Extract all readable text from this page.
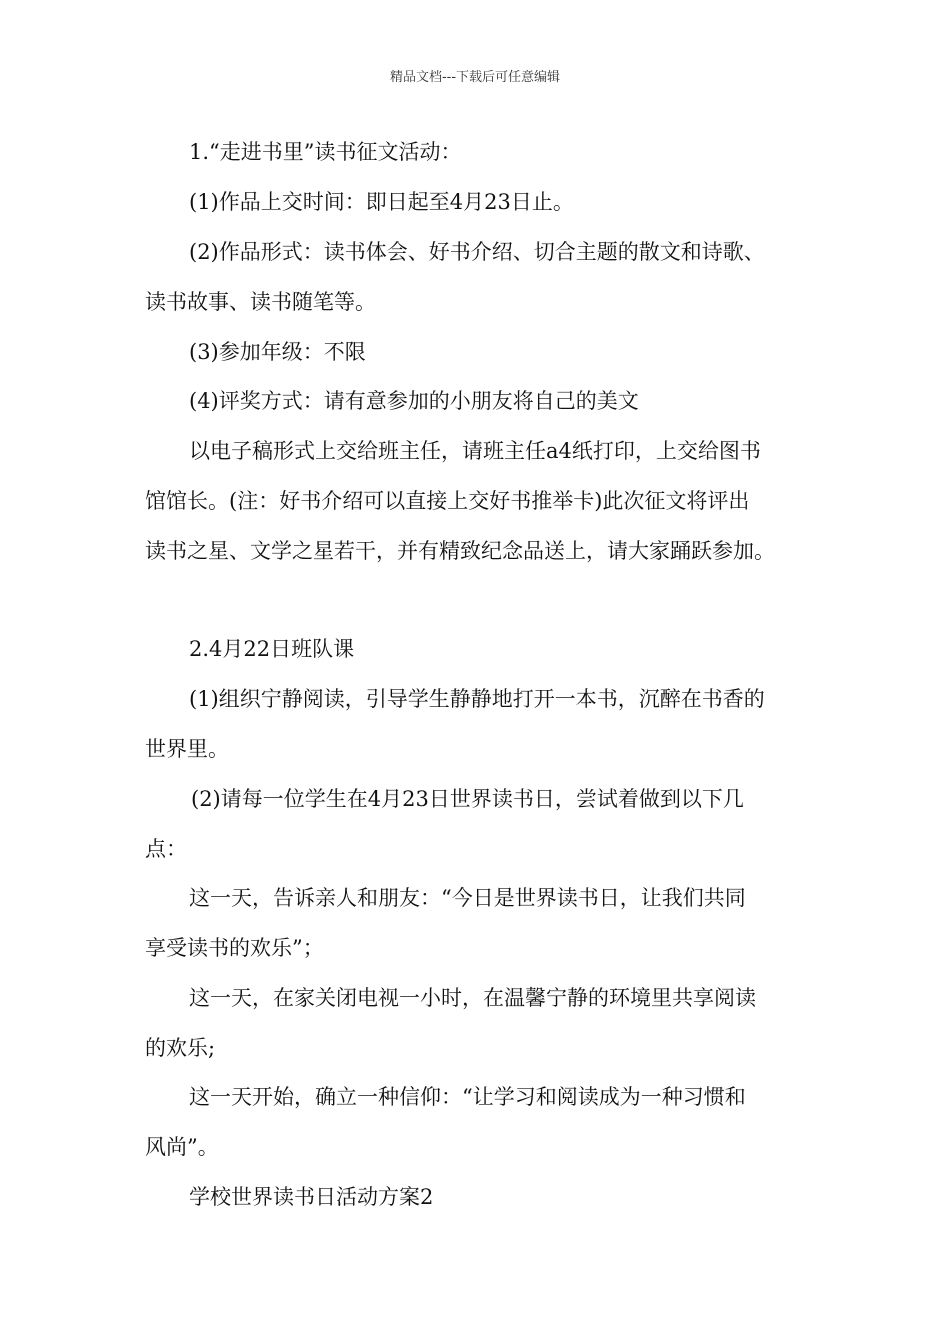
精品文档---下载后可任意编辑

1.“走进书里”读书征文活动：

(1)作品上交时间：即日起至4月23日止。

(2)作品形式：读书体会、好书介绍、切合主题的散文和诗歌、

读书故事、读书随笔等。

(3)参加年级：不限

(4)评奖方式：请有意参加的小朋友将自己的美文

以电子稿形式上交给班主任，请班主任a4纸打印，上交给图书

馆馆长。(注：好书介绍可以直接上交好书推举卡)此次征文将评出

读书之星、文学之星若干，并有精致纪念品送上，请大家踊跃参加。

2.4月22日班队课

(1)组织宁静阅读，引导学生静静地打开一本书，沉醉在书香的

世界里。

(2)请每一位学生在4月23日世界读书日，尝试着做到以下几

点：

这一天，告诉亲人和朋友：“今日是世界读书日，让我们共同

享受读书的欢乐”；

这一天，在家关闭电视一小时，在温馨宁静的环境里共享阅读

的欢乐;

这一天开始，确立一种信仰：“让学习和阅读成为一种习惯和

风尚”。

学校世界读书日活动方案2
